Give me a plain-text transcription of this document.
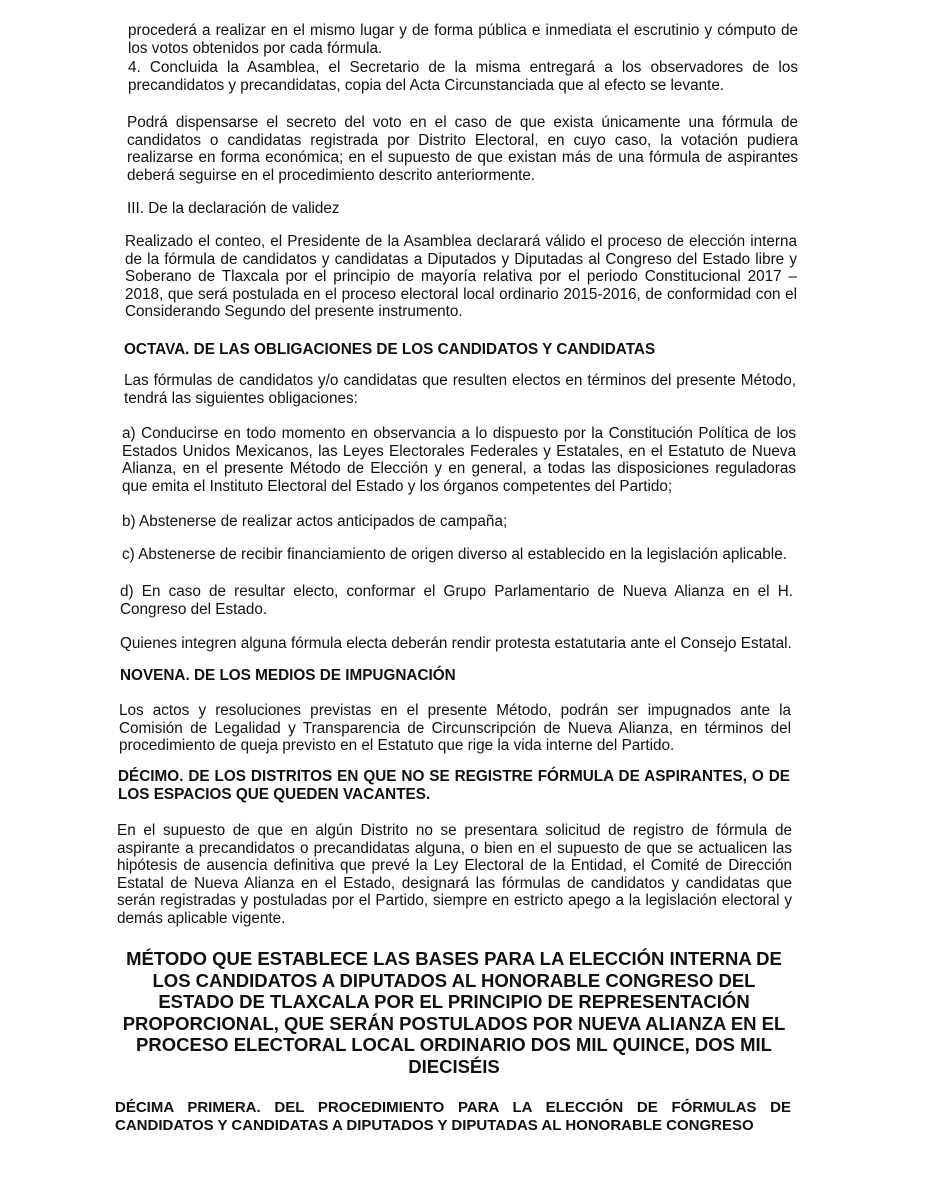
procederá a realizar en el mismo lugar y de forma pública e inmediata el escrutinio y cómputo de los votos obtenidos por cada fórmula.

4. Concluida la Asamblea, el Secretario de la misma entregará a los observadores de los precandidatos y precandidatas, copia del Acta Circunstanciada que al efecto se levante.

Podrá dispensarse el secreto del voto en el caso de que exista únicamente una fórmula de candidatos o candidatas registrada por Distrito Electoral, en cuyo caso, la votación pudiera realizarse en forma económica; en el supuesto de que existan más de una fórmula de aspirantes deberá seguirse en el procedimiento descrito anteriormente.

III. De la declaración de validez

Realizado el conteo, el Presidente de la Asamblea declarará válido el proceso de elección interna de la fórmula de candidatos y candidatas a Diputados y Diputadas al Congreso del Estado libre y Soberano de Tlaxcala por el principio de mayoría relativa por el periodo Constitucional 2017 – 2018, que será postulada en el proceso electoral local ordinario 2015-2016, de conformidad con el Considerando Segundo del presente instrumento.

OCTAVA. DE LAS OBLIGACIONES DE LOS CANDIDATOS Y CANDIDATAS

Las fórmulas de candidatos y/o candidatas que resulten electos en términos del presente Método, tendrá las siguientes obligaciones:

a) Conducirse en todo momento en observancia a lo dispuesto por la Constitución Política de los Estados Unidos Mexicanos, las Leyes Electorales Federales y Estatales, en el Estatuto de Nueva Alianza, en el presente Método de Elección y en general, a todas las disposiciones reguladoras que emita el Instituto Electoral del Estado y los órganos competentes del Partido;

b) Abstenerse de realizar actos anticipados de campaña;

c) Abstenerse de recibir financiamiento de origen diverso al establecido en la legislación aplicable.

d) En caso de resultar electo, conformar el Grupo Parlamentario de Nueva Alianza en el H. Congreso del Estado.

Quienes integren alguna fórmula electa deberán rendir protesta estatutaria ante el Consejo Estatal.

NOVENA. DE LOS MEDIOS DE IMPUGNACIÓN

Los actos y resoluciones previstas en el presente Método, podrán ser impugnados ante la Comisión de Legalidad y Transparencia de Circunscripción de Nueva Alianza, en términos del procedimiento de queja previsto en el Estatuto que rige la vida interne del Partido.

DÉCIMO. DE LOS DISTRITOS EN QUE NO SE REGISTRE FÓRMULA DE ASPIRANTES, O DE LOS ESPACIOS QUE QUEDEN VACANTES.

En el supuesto de que en algún Distrito no se presentara solicitud de registro de fórmula de aspirante a precandidatos o precandidatas alguna, o bien en el supuesto de que se actualicen las hipótesis de ausencia definitiva que prevé la Ley Electoral de la Entidad, el Comité de Dirección Estatal de Nueva Alianza en el Estado, designará las fórmulas de candidatos y candidatas que serán registradas y postuladas por el Partido, siempre en estricto apego a la legislación electoral y demás aplicable vigente.

MÉTODO QUE ESTABLECE LAS BASES PARA LA ELECCIÓN INTERNA DE LOS CANDIDATOS A DIPUTADOS AL HONORABLE CONGRESO DEL ESTADO DE TLAXCALA POR EL PRINCIPIO DE REPRESENTACIÓN PROPORCIONAL, QUE SERÁN POSTULADOS POR NUEVA ALIANZA EN EL PROCESO ELECTORAL LOCAL ORDINARIO DOS MIL QUINCE, DOS MIL DIECISÉIS

DÉCIMA PRIMERA. DEL PROCEDIMIENTO PARA LA ELECCIÓN DE FÓRMULAS DE CANDIDATOS Y CANDIDATAS A DIPUTADOS Y DIPUTADAS AL HONORABLE CONGRESO
